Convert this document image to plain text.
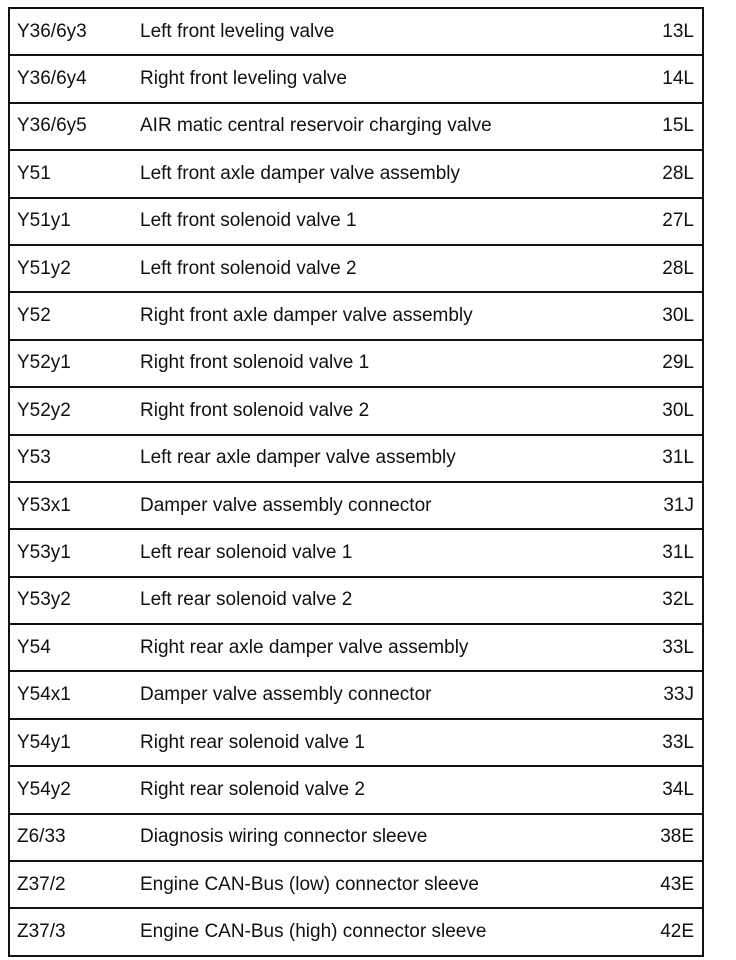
Y36/6y3	Left front leveling valve	13L
Y36/6y4	Right front leveling valve	14L
Y36/6y5	AIR matic central reservoir charging valve	15L
Y51	Left front axle damper valve assembly	28L
Y51y1	Left front solenoid valve 1	27L
Y51y2	Left front solenoid valve 2	28L
Y52	Right front axle damper valve assembly	30L
Y52y1	Right front solenoid valve 1	29L
Y52y2	Right front solenoid valve 2	30L
Y53	Left rear axle damper valve assembly	31L
Y53x1	Damper valve assembly connector	31J
Y53y1	Left rear solenoid valve 1	31L
Y53y2	Left rear solenoid valve 2	32L
Y54	Right rear axle damper valve assembly	33L
Y54x1	Damper valve assembly connector	33J
Y54y1	Right rear solenoid valve 1	33L
Y54y2	Right rear solenoid valve 2	34L
Z6/33	Diagnosis wiring connector sleeve	38E
Z37/2	Engine CAN-Bus (low) connector sleeve	43E
Z37/3	Engine CAN-Bus (high) connector sleeve	42E
